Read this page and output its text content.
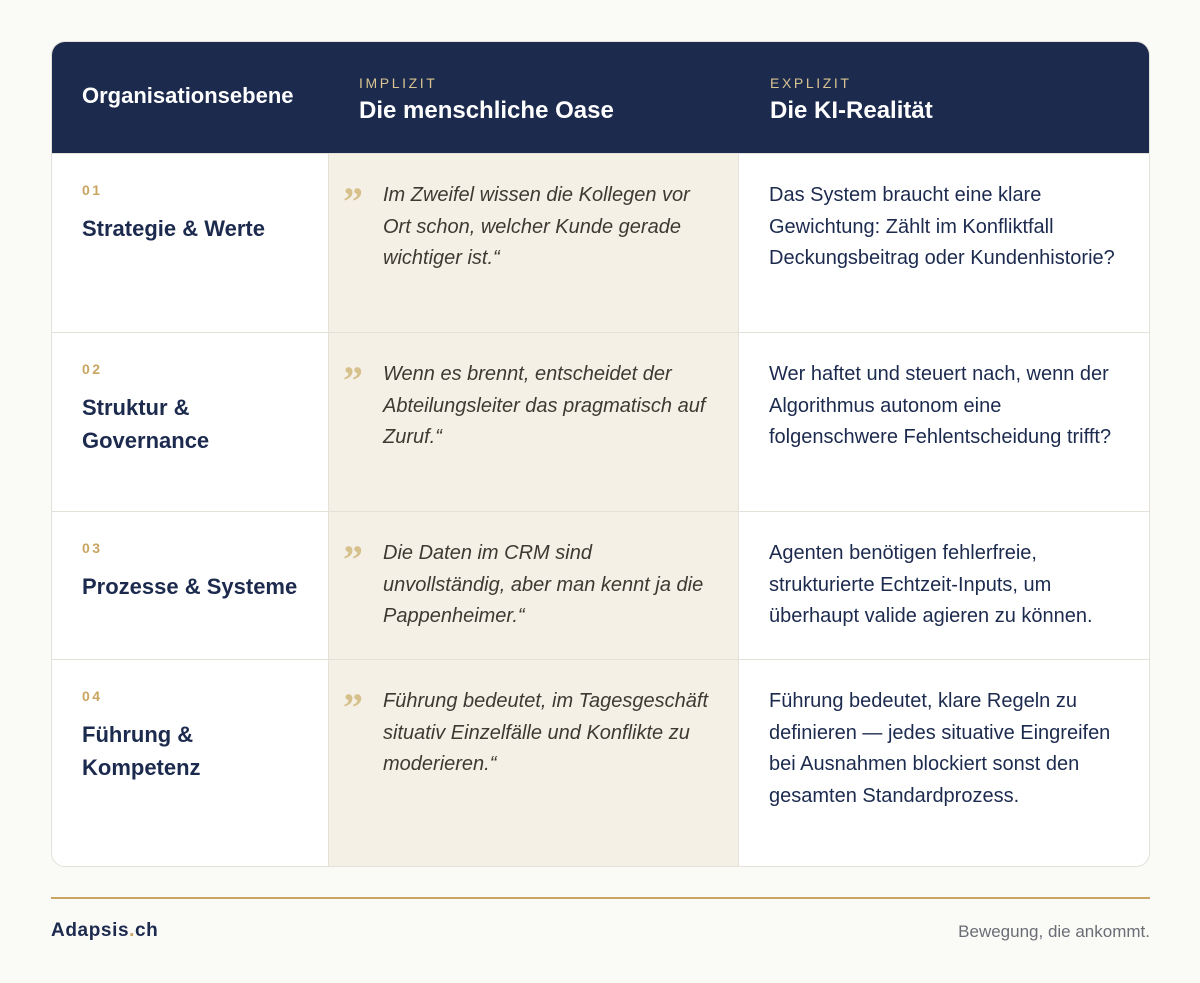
Organisationsebene	IMPLIZIT
Die menschliche Oase
EXPLIZIT
Die KI-Realität
01
Strategie & Werte
” Im Zweifel wissen die Kollegen vor Ort schon, welcher Kunde gerade wichtiger ist.“
Das System braucht eine klare Gewichtung: Zählt im Konfliktfall Deckungsbeitrag oder Kundenhistorie?
02
Struktur & Governance
” Wenn es brennt, entscheidet der Abteilungsleiter das pragmatisch auf Zuruf.“
Wer haftet und steuert nach, wenn der Algorithmus autonom eine folgenschwere Fehlentscheidung trifft?
03
Prozesse & Systeme
” Die Daten im CRM sind unvollständig, aber man kennt ja die Pappenheimer.“
Agenten benötigen fehlerfreie, strukturierte Echtzeit-Inputs, um überhaupt valide agieren zu können.
04
Führung & Kompetenz
” Führung bedeutet, im Tagesgeschäft situativ Einzelfälle und Konflikte zu moderieren.“
Führung bedeutet, klare Regeln zu definieren — jedes situative Eingreifen bei Ausnahmen blockiert sonst den gesamten Standardprozess.
Adapsis.ch	Bewegung, die ankommt.
